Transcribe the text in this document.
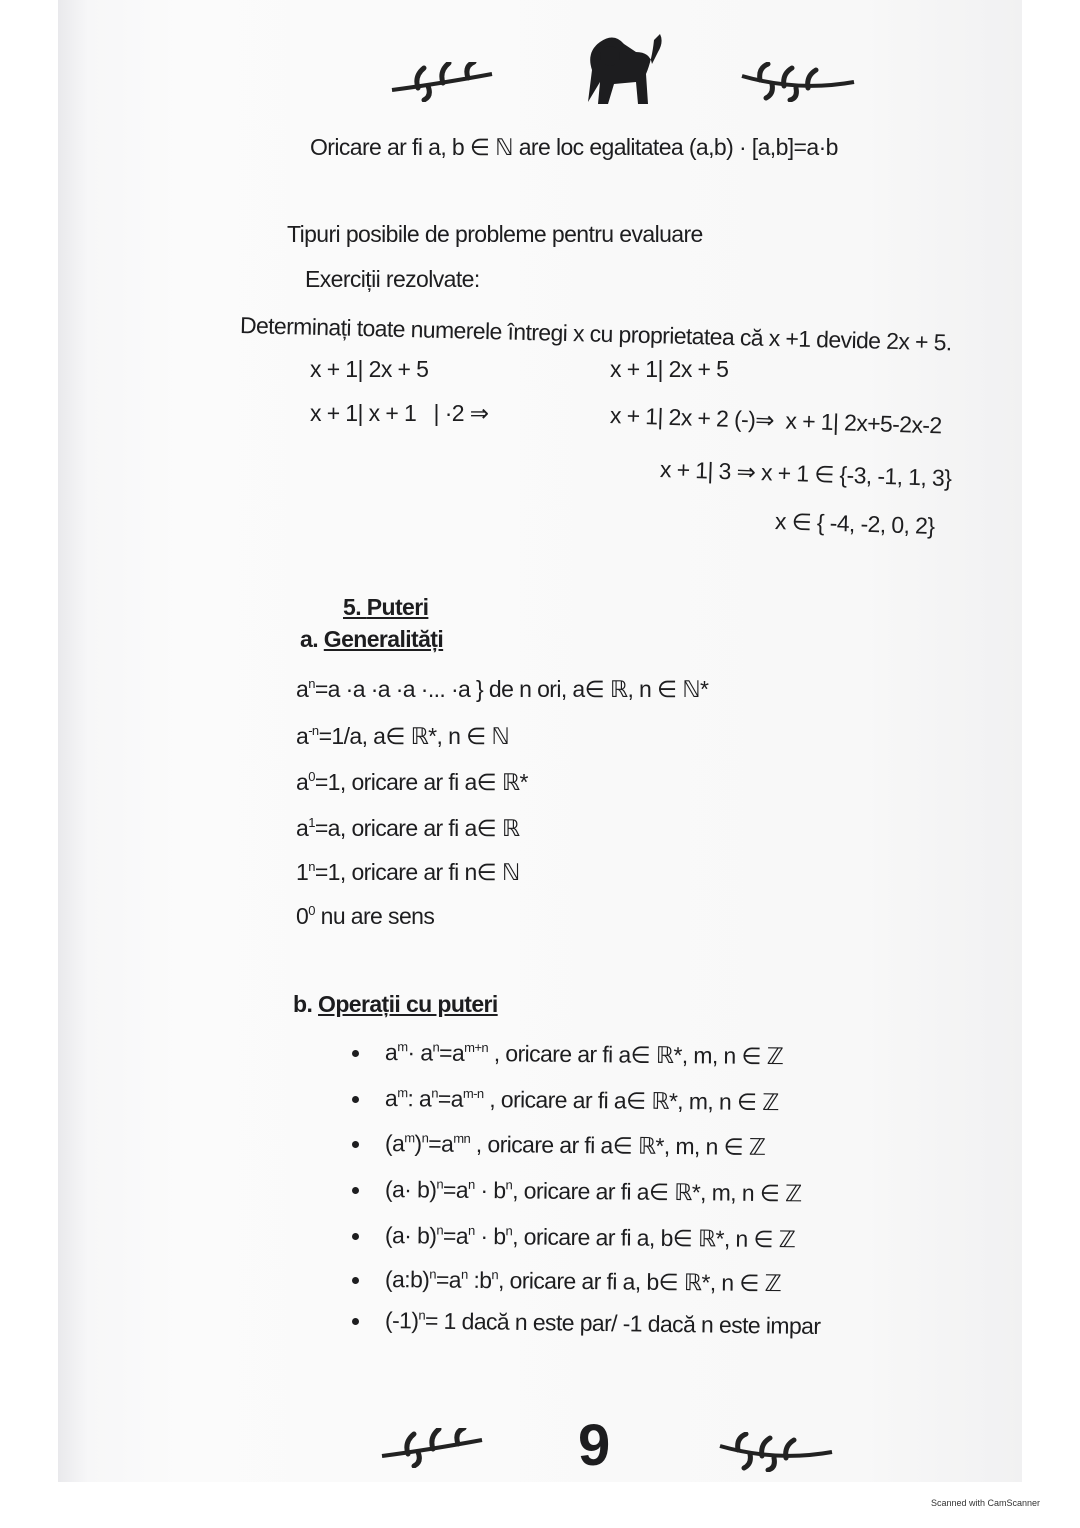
Oricare ar fi a, b ∈ ℕ are loc egalitatea (a,b) · [a,b]=a·b
Tipuri posibile de probleme pentru evaluare
Exerciții rezolvate:
Determinați toate numerele întregi x cu proprietatea că x +1 devide 2x + 5.
x + 1| 2x + 5
x + 1| x + 1   | ·2 ⇒
x + 1| 2x + 5
x + 1| 2x + 2 (-)⇒  x + 1| 2x+5-2x-2
x + 1| 3 ⇒ x + 1 ∈ {-3, -1, 1, 3}
x ∈ { -4, -2, 0, 2}
5. Puteri
a. Generalități
$a^n=a \cdot a \cdot a \cdot a$ ·... ·a } de n ori, a∈ ℝ, n ∈ ℕ*
$a^{-n}=1/a$, a∈ ℝ*, n ∈ ℕ
$a^0=1$, oricare ar fi a∈ ℝ*
$a^1=a$, oricare ar fi a∈ ℝ
$1^n=1$, oricare ar fi n∈ ℕ
$0^0$ nu are sens
b. Operații cu puteri
$a^m\cdot a^n=a^{m+n}$ , oricare ar fi a∈ ℝ*, m, n ∈ ℤ
$a^m$: $a^n=a^{m-n}$ , oricare ar fi a∈ ℝ*, m, n ∈ ℤ
$(a^m)^n=a^{mn}$ , oricare ar fi a∈ ℝ*, m, n ∈ ℤ
$(a\cdot b)^n=a^n \cdot b^n$, oricare ar fi a∈ ℝ*, m, n ∈ ℤ
$(a\cdot b)^n=a^n \cdot b^n$, oricare ar fi a, b∈ ℝ*, n ∈ ℤ
$(a:b)^n=a^n$ $:b^n$, oricare ar fi a, b∈ ℝ*, n ∈ ℤ
$(-1)^n= 1$ dacă n este par/ -1 dacă n este impar
9
Scanned with CamScanner
